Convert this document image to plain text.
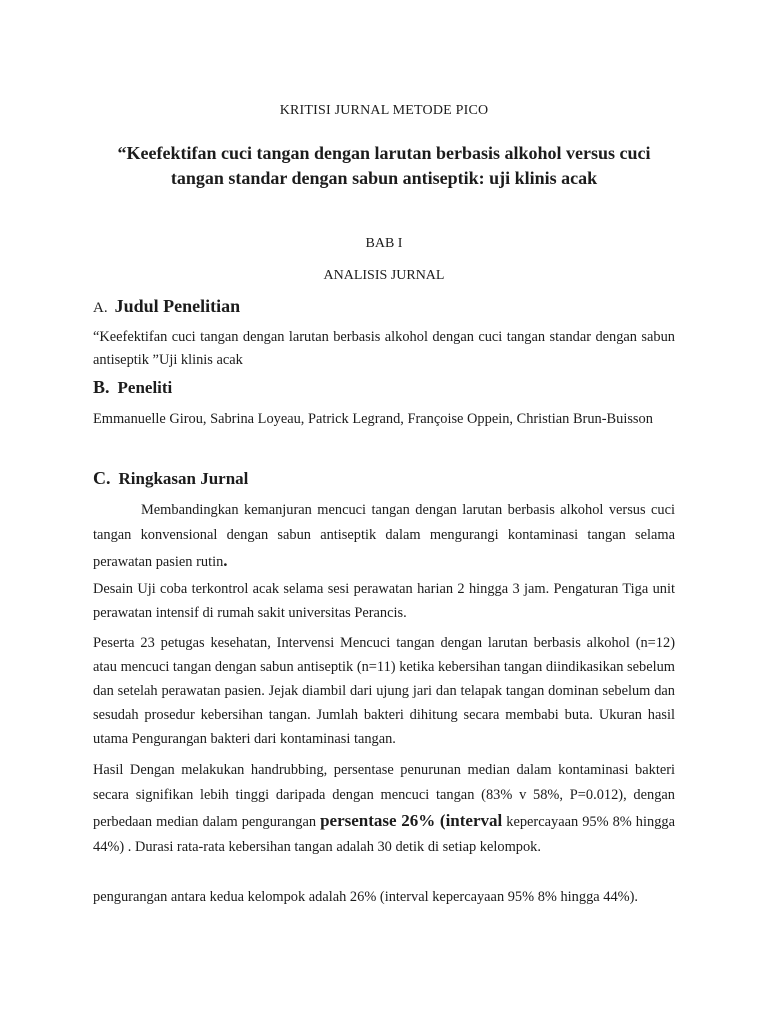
KRITISI JURNAL METODE PICO
“Keefektifan cuci tangan dengan larutan berbasis alkohol versus cuci
tangan standar dengan sabun antiseptik: uji klinis acak
BAB I
ANALISIS JURNAL
A. Judul Penelitian

“Keefektifan cuci tangan dengan larutan berbasis alkohol dengan cuci tangan standar dengan sabun antiseptik ”Uji klinis acak

B. Peneliti

Emmanuelle Girou, Sabrina Loyeau, Patrick Legrand, Françoise Oppein, Christian Brun-Buisson

C. Ringkasan Jurnal

Membandingkan kemanjuran mencuci tangan dengan larutan berbasis alkohol versus cuci tangan konvensional dengan sabun antiseptik dalam mengurangi kontaminasi tangan selama perawatan pasien rutin.

Desain Uji coba terkontrol acak selama sesi perawatan harian 2 hingga 3 jam. Pengaturan Tiga unit perawatan intensif di rumah sakit universitas Perancis.

Peserta 23 petugas kesehatan, Intervensi Mencuci tangan dengan larutan berbasis alkohol (n=12) atau mencuci tangan dengan sabun antiseptik (n=11) ketika kebersihan tangan diindikasikan sebelum dan setelah perawatan pasien. Jejak diambil dari ujung jari dan telapak tangan dominan sebelum dan sesudah prosedur kebersihan tangan. Jumlah bakteri dihitung secara membabi buta. Ukuran hasil utama Pengurangan bakteri dari kontaminasi tangan.

Hasil Dengan melakukan handrubbing, persentase penurunan median dalam kontaminasi bakteri secara signifikan lebih tinggi daripada dengan mencuci tangan (83% v 58%, P=0.012), dengan perbedaan median dalam pengurangan persentase 26% (interval kepercayaan 95% 8% hingga 44%) . Durasi rata-rata kebersihan tangan adalah 30 detik di setiap kelompok.

pengurangan antara kedua kelompok adalah 26% (interval kepercayaan 95% 8% hingga 44%).
